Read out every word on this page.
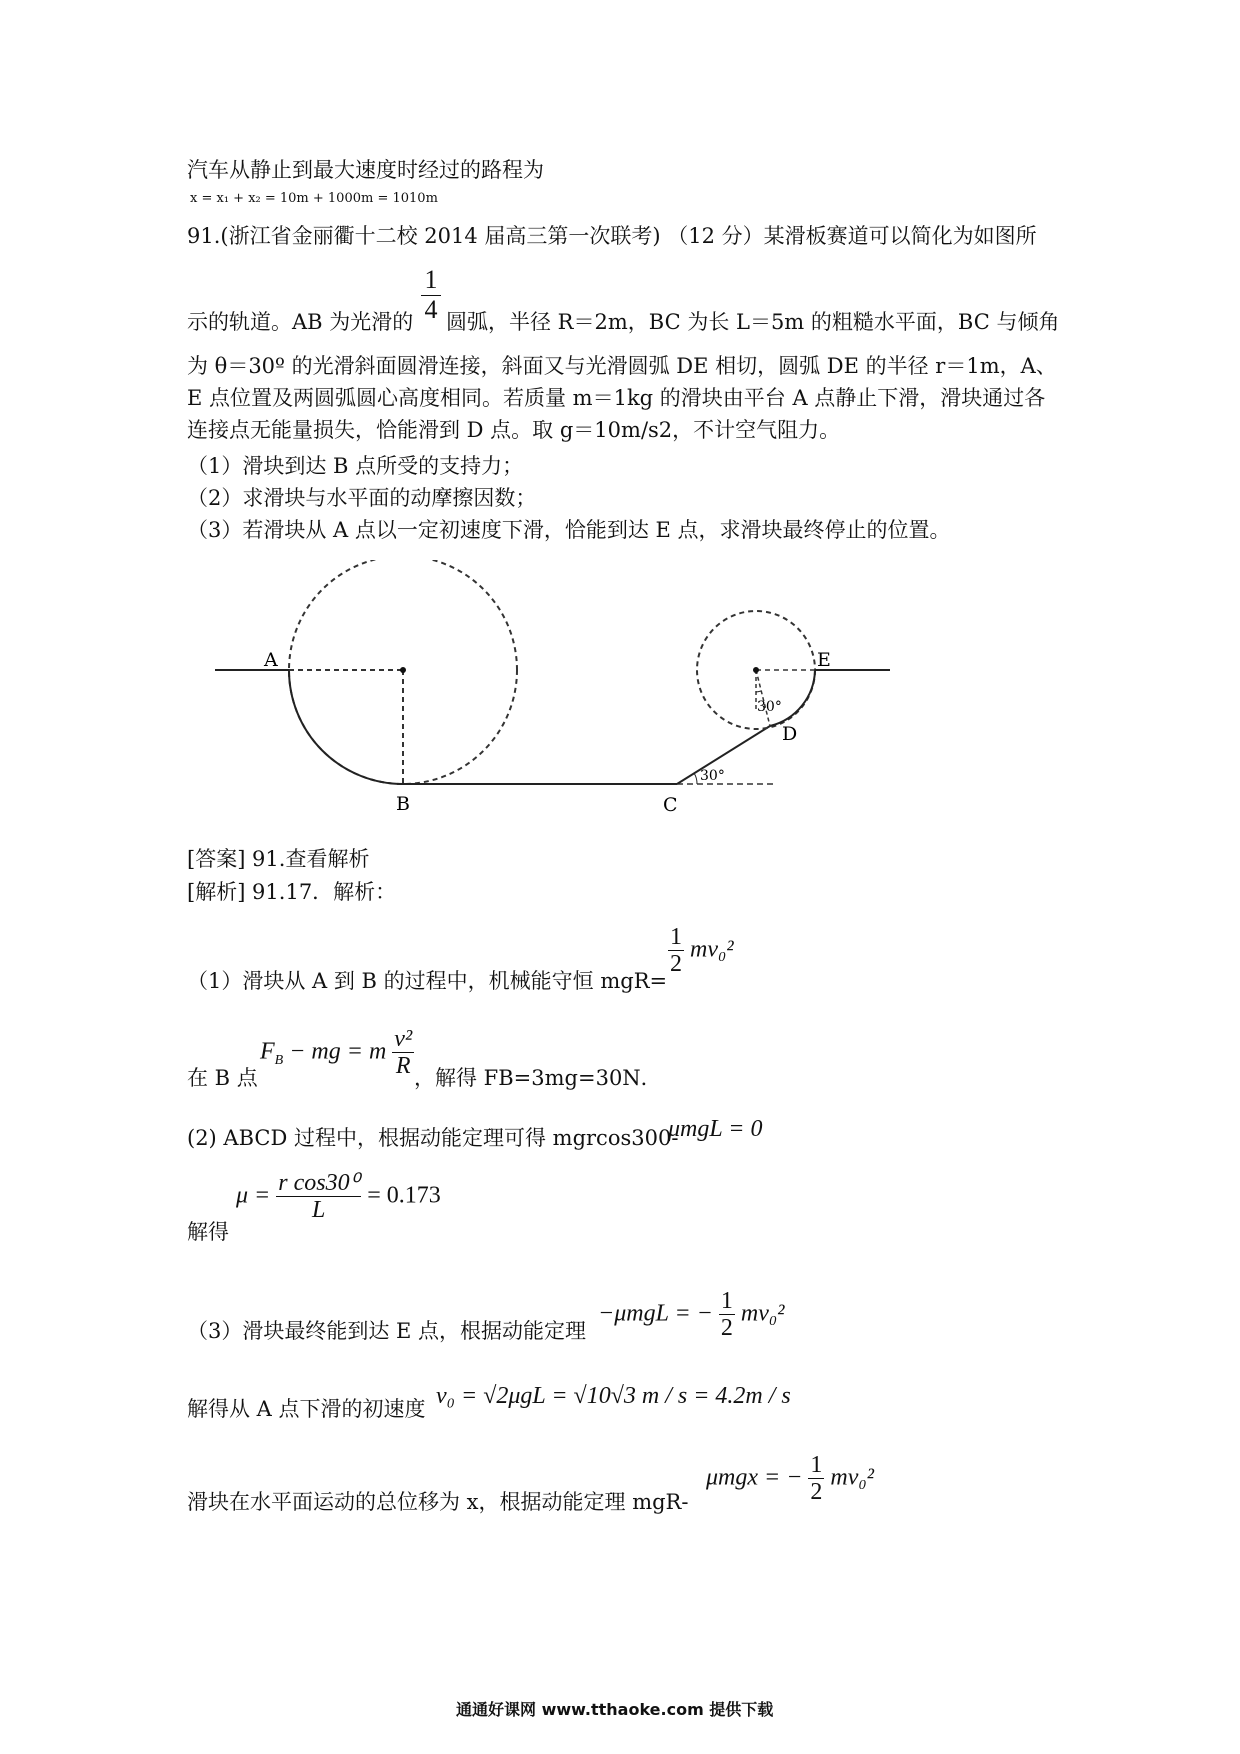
汽车从静止到最大速度时经过的路程为
x = x₁ + x₂ = 10m + 1000m = 1010m
91.(浙江省金丽衢十二校 2014 届高三第一次联考) （12 分）某滑板赛道可以简化为如图所
示的轨道。AB 为光滑的 $\frac{1}{4}$ 圆弧，半径 R＝2m，BC 为长 L＝5m 的粗糙水平面，BC 与倾角
为 θ＝30º 的光滑斜面圆滑连接，斜面又与光滑圆弧 DE 相切，圆弧 DE 的半径 r＝1m，A、
E 点位置及两圆弧圆心高度相同。若质量 m＝1kg 的滑块由平台 A 点静止下滑，滑块通过各
连接点无能量损失，恰能滑到 D 点。取 g＝10m/s2，不计空气阻力。
（1）滑块到达 B 点所受的支持力；
（2）求滑块与水平面的动摩擦因数；
（3）若滑块从 A 点以一定初速度下滑，恰能到达 E 点，求滑块最终停止的位置。
A
B	C
D
E
30°
30°
[答案] 91.查看解析
[解析] 91.17．解析：
（1）滑块从 A 到 B 的过程中，机械能守恒 mgR=
$\frac{1}{2} mv_0^2$
在 B 点
$F_B$ − mg = m $\frac{\text{v²}}{R}$ ，解得 FB=3mg=30N．
(2) ABCD 过程中，根据动能定理可得 mgrcos300-
μmgL = 0
解得
$\mu = \frac{\text{r cos30⁰}}{L} = 0.173$
（3）滑块最终能到达 E 点，根据动能定理
−μmgL = − $\frac{1}{2} mv_0^2$
解得从 A 点下滑的初速度 v₀ = √2μgL = √10√3 m / s = 4.2m / s
滑块在水平面运动的总位移为 x，根据动能定理 mgR-
μmgx = − $\frac{1}{2} mv_0^2$
通通好课网 www.tthaoke.com 提供下载
